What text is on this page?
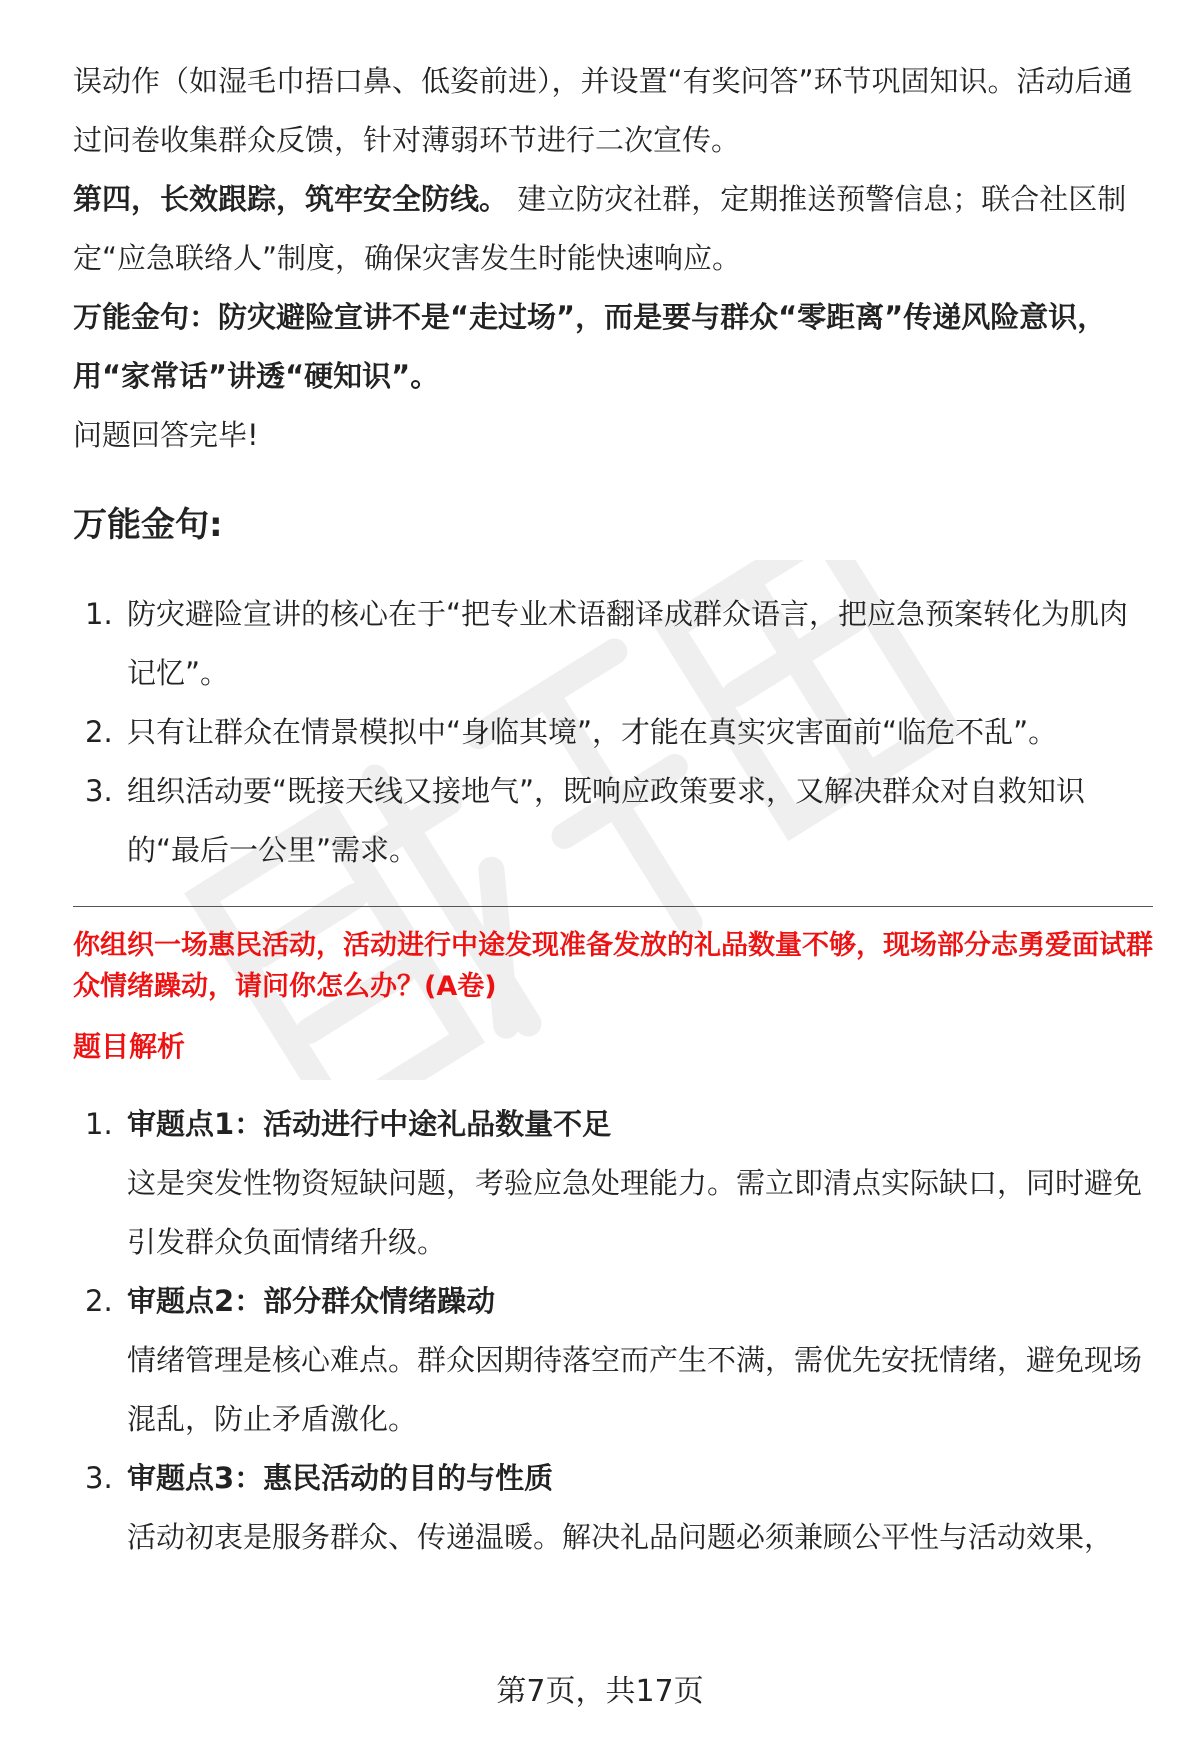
误动作（如湿毛巾捂口鼻、低姿前进），并设置“有奖问答”环节巩固知识。活动后通过问卷收集群众反馈，针对薄弱环节进行二次宣传。

第四，长效跟踪，筑牢安全防线。 建立防灾社群，定期推送预警信息；联合社区制定“应急联络人”制度，确保灾害发生时能快速响应。

万能金句：防灾避险宣讲不是“走过场”，而是要与群众“零距离”传递风险意识，用“家常话”讲透“硬知识”。

问题回答完毕!

万能金句:

1. 防灾避险宣讲的核心在于“把专业术语翻译成群众语言，把应急预案转化为肌肉记忆”。
2. 只有让群众在情景模拟中“身临其境”，才能在真实灾害面前“临危不乱”。
3. 组织活动要“既接天线又接地气”，既响应政策要求，又解决群众对自救知识的“最后一公里”需求。

你组织一场惠民活动，活动进行中途发现准备发放的礼品数量不够，现场部分志勇爱面试群众情绪躁动，请问你怎么办？(A卷)

题目解析

1. 审题点1：活动进行中途礼品数量不足
这是突发性物资短缺问题，考验应急处理能力。需立即清点实际缺口，同时避免引发群众负面情绪升级。
2. 审题点2：部分群众情绪躁动
情绪管理是核心难点。群众因期待落空而产生不满，需优先安抚情绪，避免现场混乱，防止矛盾激化。
3. 审题点3：惠民活动的目的与性质
活动初衷是服务群众、传递温暖。解决礼品问题必须兼顾公平性与活动效果，
第7页，共17页
